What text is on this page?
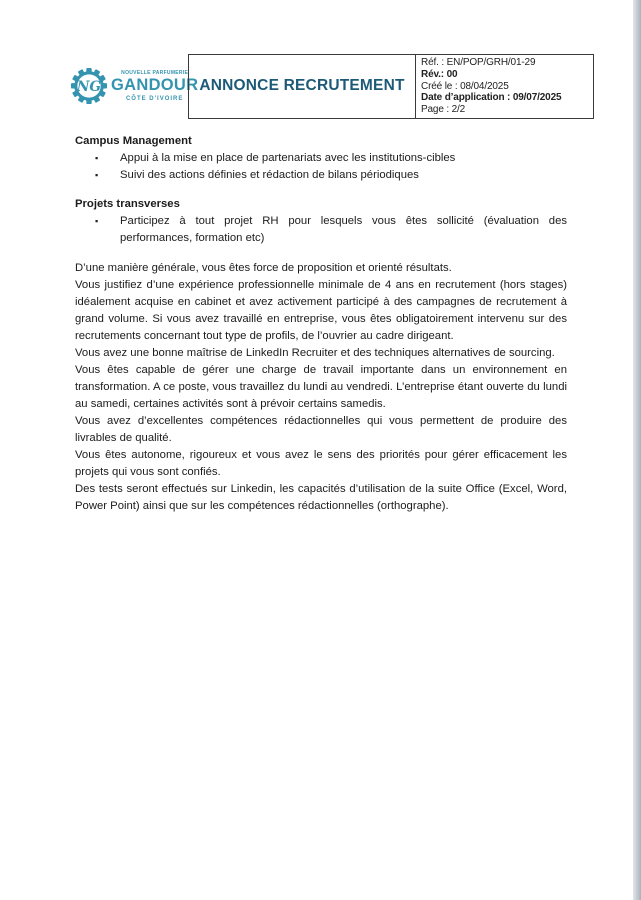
NG
NOUVELLE PARFUMERIE
GANDOUR
CÔTE D'IVOIRE
ANNONCE RECRUTEMENT	
Réf. : EN/POP/GRH/01-29
Rév.: 00
Créé le : 08/04/2025
Date d’application : 09/07/2025
Page : 2/2
Campus Management
▪	Appui à la mise en place de partenariats avec les institutions-cibles
▪	Suivi des actions définies et rédaction de bilans périodiques
Projets transverses
▪	Participez à tout projet RH pour lesquels vous êtes sollicité (évaluation des performances, formation etc)

D’une manière générale, vous êtes force de proposition et orienté résultats.

Vous justifiez d’une expérience professionnelle minimale de 4 ans en recrutement (hors stages) idéalement acquise en cabinet et avez activement participé à des campagnes de recrutement à grand volume. Si vous avez travaillé en entreprise, vous êtes obligatoirement intervenu sur des recrutements concernant tout type de profils, de l’ouvrier au cadre dirigeant.

Vous avez une bonne maîtrise de LinkedIn Recruiter et des techniques alternatives de sourcing.

Vous êtes capable de gérer une charge de travail importante dans un environnement en transformation. A ce poste, vous travaillez du lundi au vendredi. L’entreprise étant ouverte du lundi au samedi, certaines activités sont à prévoir certains samedis.

Vous avez d’excellentes compétences rédactionnelles qui vous permettent de produire des livrables de qualité.

Vous êtes autonome, rigoureux et vous avez le sens des priorités pour gérer efficacement les projets qui vous sont confiés.

Des tests seront effectués sur Linkedin, les capacités d’utilisation de la suite Office (Excel, Word, Power Point) ainsi que sur les compétences rédactionnelles (orthographe).
